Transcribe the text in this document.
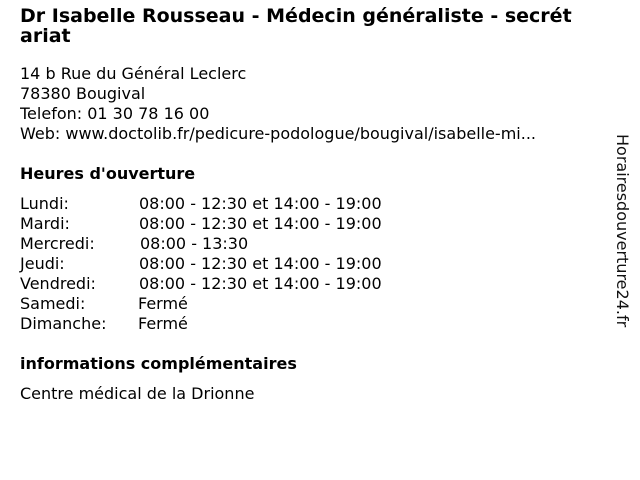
Dr Isabelle Rousseau - Médecin généraliste - secrétariat
14 b Rue du Général Leclerc
78380 Bougival
Telefon: 01 30 78 16 00
Web: www.doctolib.fr/pedicure-podologue/bougival/isabelle-mi...
Heures d'ouverture
Lundi:	08:00 - 12:30 et 14:00 - 19:00
Mardi:	08:00 - 12:30 et 14:00 - 19:00
Mercredi:	08:00 - 13:30
Jeudi:	08:00 - 12:30 et 14:00 - 19:00
Vendredi:	08:00 - 12:30 et 14:00 - 19:00
Samedi:	Fermé
Dimanche: Fermé
informations complémentaires
Centre médical de la Drionne
Horairesdouverture24.fr
